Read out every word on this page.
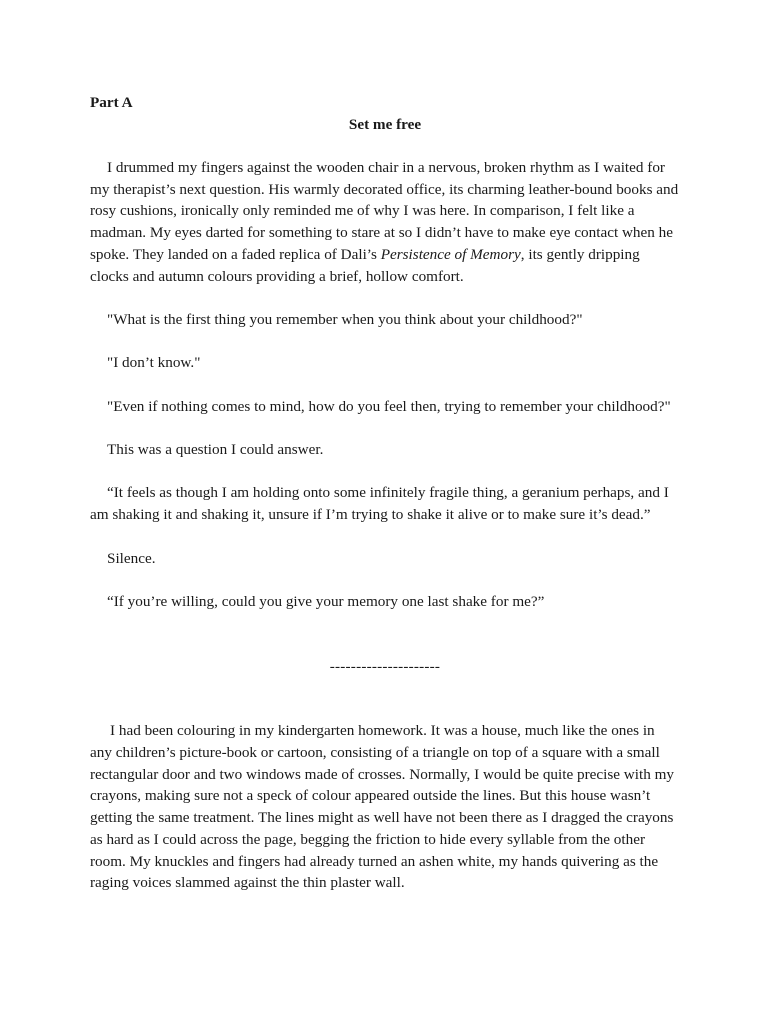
Part A

Set me free

I drummed my fingers against the wooden chair in a nervous, broken rhythm as I waited for my therapist’s next question. His warmly decorated office, its charming leather-bound books and rosy cushions, ironically only reminded me of why I was here. In comparison, I felt like a madman. My eyes darted for something to stare at so I didn’t have to make eye contact when he spoke. They landed on a faded replica of Dali’s Persistence of Memory, its gently dripping clocks and autumn colours providing a brief, hollow comfort.

"What is the first thing you remember when you think about your childhood?"

"I don’t know."

"Even if nothing comes to mind, how do you feel then, trying to remember your childhood?"

This was a question I could answer.

“It feels as though I am holding onto some infinitely fragile thing, a geranium perhaps, and I am shaking it and shaking it, unsure if I’m trying to shake it alive or to make sure it’s dead.”

Silence.

“If you’re willing, could you give your memory one last shake for me?”

---------------------

I had been colouring in my kindergarten homework. It was a house, much like the ones in any children’s picture-book or cartoon, consisting of a triangle on top of a square with a small rectangular door and two windows made of crosses. Normally, I would be quite precise with my crayons, making sure not a speck of colour appeared outside the lines. But this house wasn’t getting the same treatment. The lines might as well have not been there as I dragged the crayons as hard as I could across the page, begging the friction to hide every syllable from the other room. My knuckles and fingers had already turned an ashen white, my hands quivering as the raging voices slammed against the thin plaster wall.
